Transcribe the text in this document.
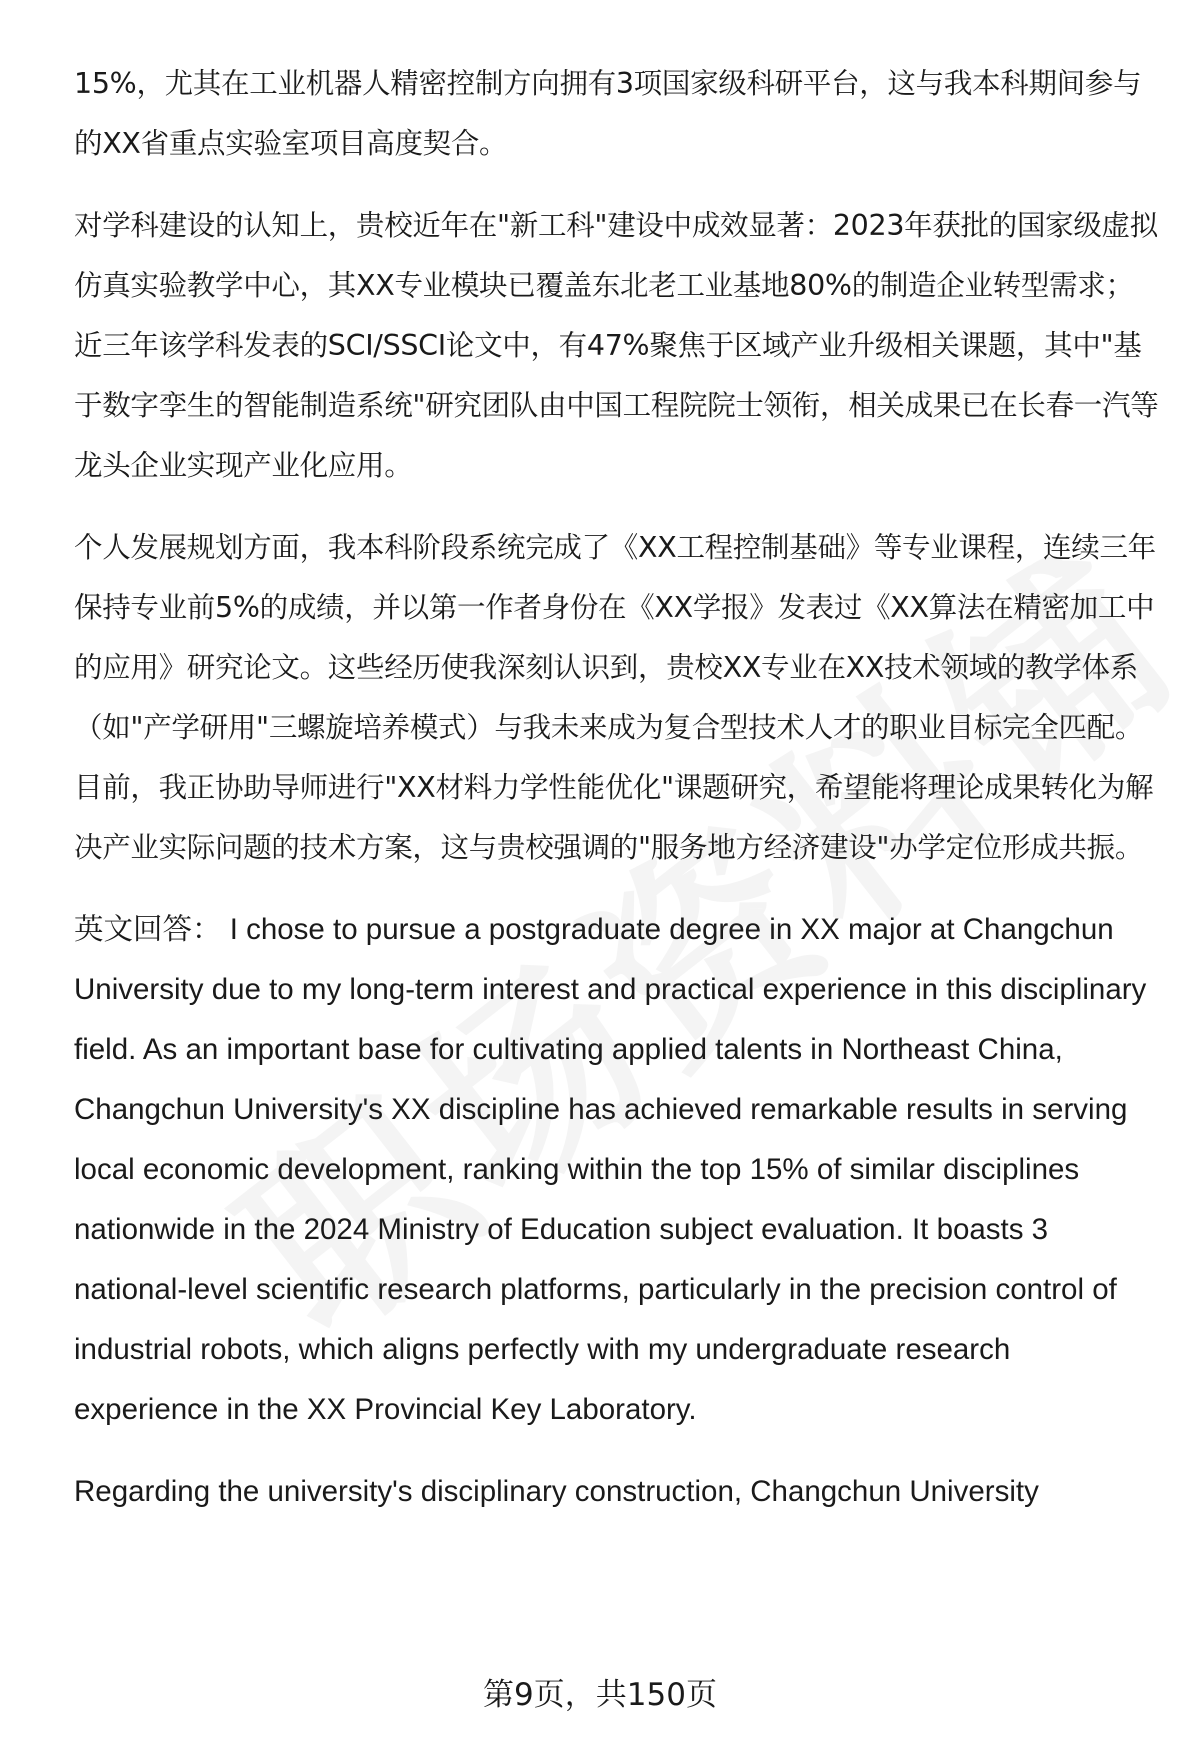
15%，尤其在工业机器人精密控制方向拥有3项国家级科研平台，这与我本科期间参与的XX省重点实验室项目高度契合。

对学科建设的认知上，贵校近年在"新工科"建设中成效显著：2023年获批的国家级虚拟仿真实验教学中心，其XX专业模块已覆盖东北老工业基地80%的制造企业转型需求；近三年该学科发表的SCI/SSCI论文中，有47%聚焦于区域产业升级相关课题，其中"基于数字孪生的智能制造系统"研究团队由中国工程院院士领衔，相关成果已在长春一汽等龙头企业实现产业化应用。

个人发展规划方面，我本科阶段系统完成了《XX工程控制基础》等专业课程，连续三年保持专业前5%的成绩，并以第一作者身份在《XX学报》发表过《XX算法在精密加工中的应用》研究论文。这些经历使我深刻认识到，贵校XX专业在XX技术领域的教学体系（如"产学研用"三螺旋培养模式）与我未来成为复合型技术人才的职业目标完全匹配。目前，我正协助导师进行"XX材料力学性能优化"课题研究，希望能将理论成果转化为解决产业实际问题的技术方案，这与贵校强调的"服务地方经济建设"办学定位形成共振。

英文回答： I chose to pursue a postgraduate degree in XX major at Changchun University due to my long-term interest and practical experience in this disciplinary field. As an important base for cultivating applied talents in Northeast China, Changchun University's XX discipline has achieved remarkable results in serving local economic development, ranking within the top 15% of similar disciplines nationwide in the 2024 Ministry of Education subject evaluation. It boasts 3 national-level scientific research platforms, particularly in the precision control of industrial robots, which aligns perfectly with my undergraduate research experience in the XX Provincial Key Laboratory.

Regarding the university's disciplinary construction, Changchun University

第9页，共150页
